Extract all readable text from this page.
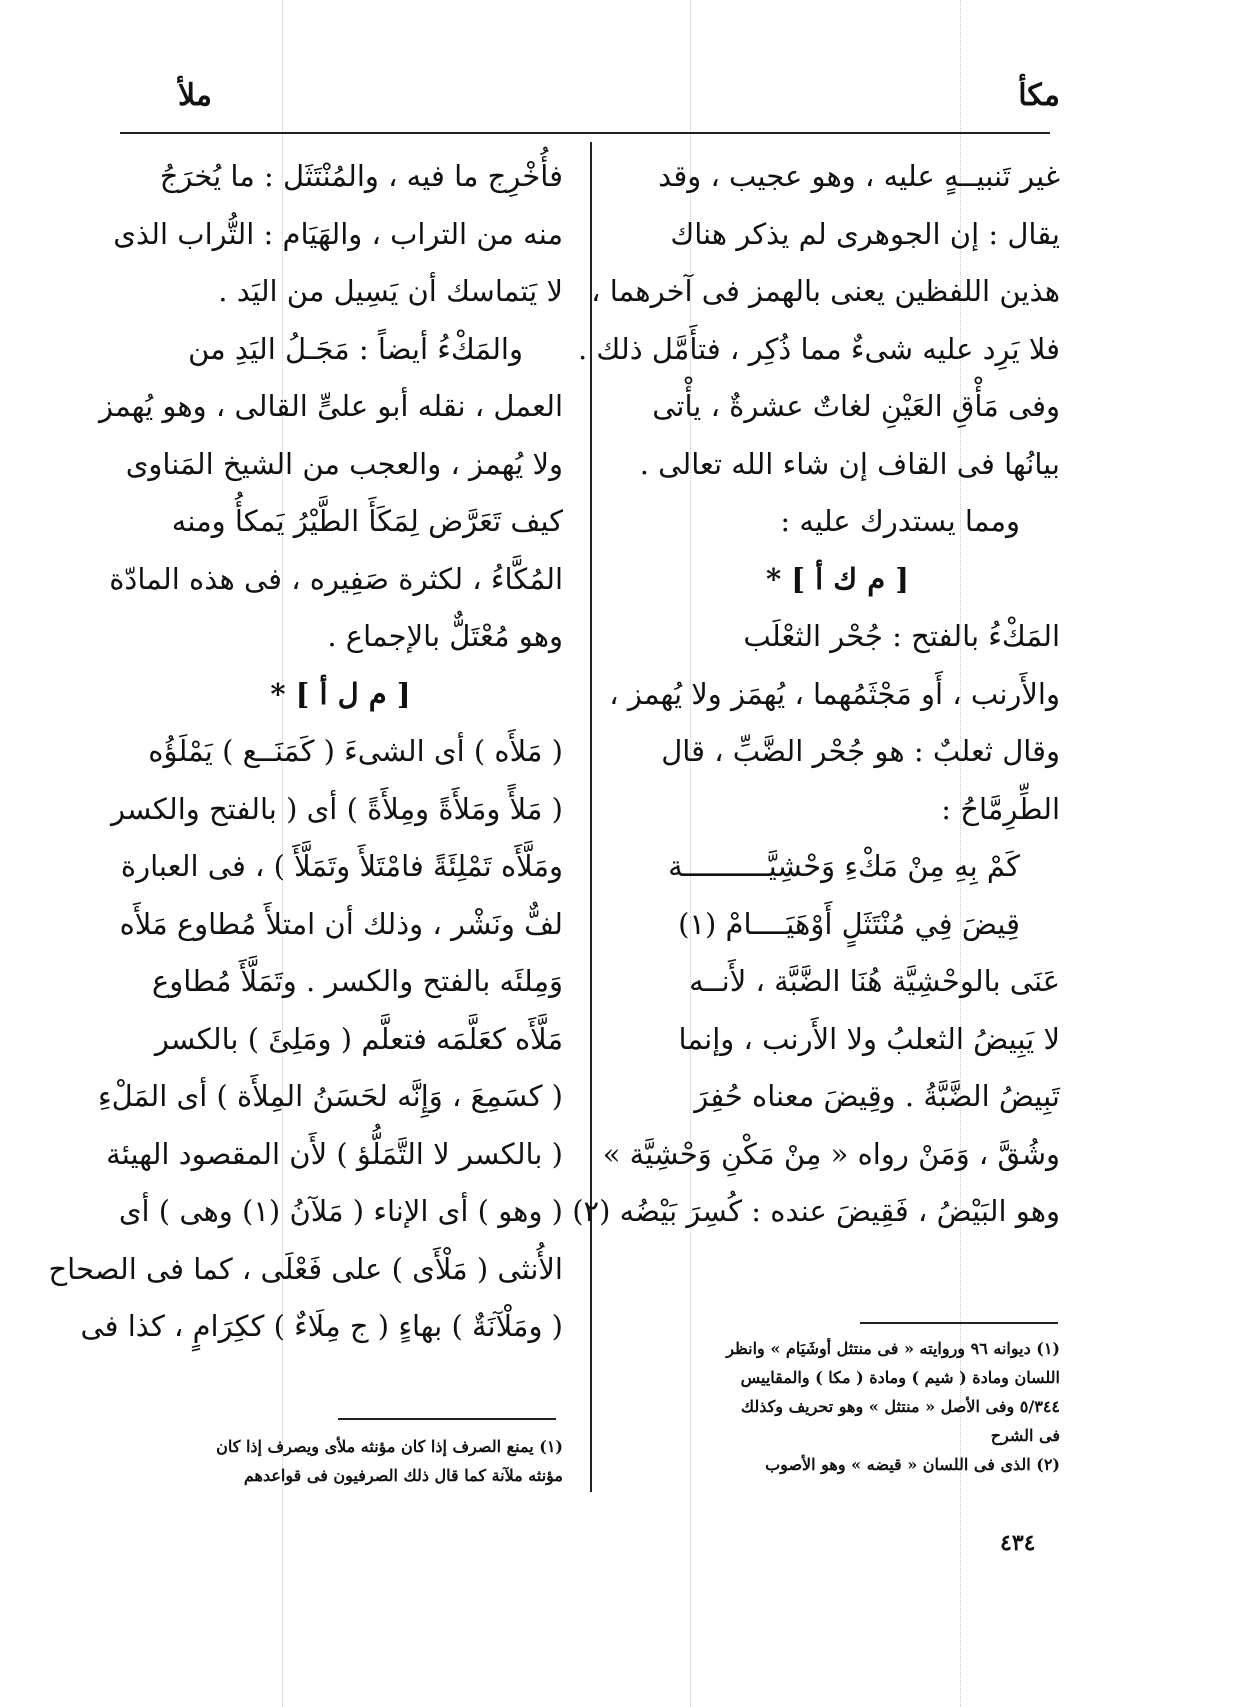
مكأ
ملأ
غير تَنبيــهٍ عليه ، وهو عجيب ، وقد
يقال : إن الجوهرى لم يذكر هناك
هذين اللفظين يعنى بالهمز فى آخرهما ،
فلا يَرِد عليه شىءٌ مما ذُكِر ، فتأَمَّل ذلك .
وفى مَأْقِ العَيْنِ لغاتٌ عشرةٌ ، يأْتى
بيانُها فى القاف إن شاء الله تعالى .
ومما يستدرك عليه :
[ م ك أ ] *
المَكْءُ بالفتح : جُحْر الثعْلَب
والأَرنب ، أَو مَجْثَمُهما ، يُهمَز ولا يُهمز ،
وقال ثعلبٌ : هو جُحْر الضَّبِّ ، قال
الطِّرِمَّاحُ :
كَمْ بِهِ مِنْ مَكْءِ وَحْشِيَّــــــــــة
قِيضَ فِي مُنْتَثَلٍ أَوْهَيَــــامْ (١)
عَنَى بالوحْشِيَّة هُنَا الضَّبَّة ، لأَنــه
لا يَبِيضُ الثعلبُ ولا الأَرنب ، وإنما
تَبِيضُ الضَّبَّةُ . وقِيضَ معناه حُفِرَ
وشُقَّ ، وَمَنْ رواه « مِنْ مَكْنِ وَحْشِيَّة »
وهو البَيْضُ ، فَقِيضَ عنده : كُسِرَ بَيْضُه (٢)
فأُخْرِج ما فيه ، والمُنْتَثَل : ما يُخرَجُ
منه من التراب ، والهَيَام : التُّراب الذى
لا يَتماسك أن يَسِيل من اليَد .
والمَكْءُ أيضاً : مَجَـلُ اليَدِ من
العمل ، نقله أبو علىٍّ القالى ، وهو يُهمز
ولا يُهمز ، والعجب من الشيخ المَناوى
كيف تَعَرَّض لِمَكَأَ الطَّيْرُ يَمكأُ ومنه
المُكَّاءُ ، لكثرة صَفِيره ، فى هذه المادّة
وهو مُعْتَلٌّ بالإجماع .
[ م ل أ ] *
( مَلأَه ) أى الشىءَ ( كَمَنَــع ) يَمْلَؤُه
( مَلأً ومَلأَةً ومِلأَةً ) أى ( بالفتح والكسر
ومَلَّأَه تَمْلِئَةً فامْتَلأَ وتَمَلَّأَ ) ، فى العبارة
لفٌّ ونَشْر ، وذلك أن امتلأَ مُطاوع مَلأَه
وَمِلئَه بالفتح والكسر . وتَمَلَّأَ مُطاوع
مَلَّأَه كعَلَّمَه فتعلَّم ( ومَلِئَ ) بالكسر
( كسَمِعَ ، وَإِنَّه لحَسَنُ المِلأَة ) أى المَلْءِ
( بالكسر لا التَّمَلُّؤ ) لأَن المقصود الهيئة
( وهو ) أى الإناء ( مَلآنُ (١) وهى ) أى
الأُنثى ( مَلْأَى ) على فَعْلَى ، كما فى الصحاح
( ومَلْآنَةٌ ) بهاءٍ ( ج مِلَاءٌ ) ككِرَامٍ ، كذا فى
(١) ديوانه ٩٦ وروايته « فى منتثل أوشَيَام » وانظر
اللسان ومادة ( شيم ) ومادة ( مكا ) والمقاييس
٥/٣٤٤ وفى الأصل « منتثل » وهو تحريف وكذلك
فى الشرح
(٢) الذى فى اللسان « قيضه » وهو الأصوب
(١) يمنع الصرف إذا كان مؤنثه ملأى ويصرف إذا كان
مؤنثه ملآنة كما قال ذلك الصرفيون فى قواعدهم
٤٣٤
